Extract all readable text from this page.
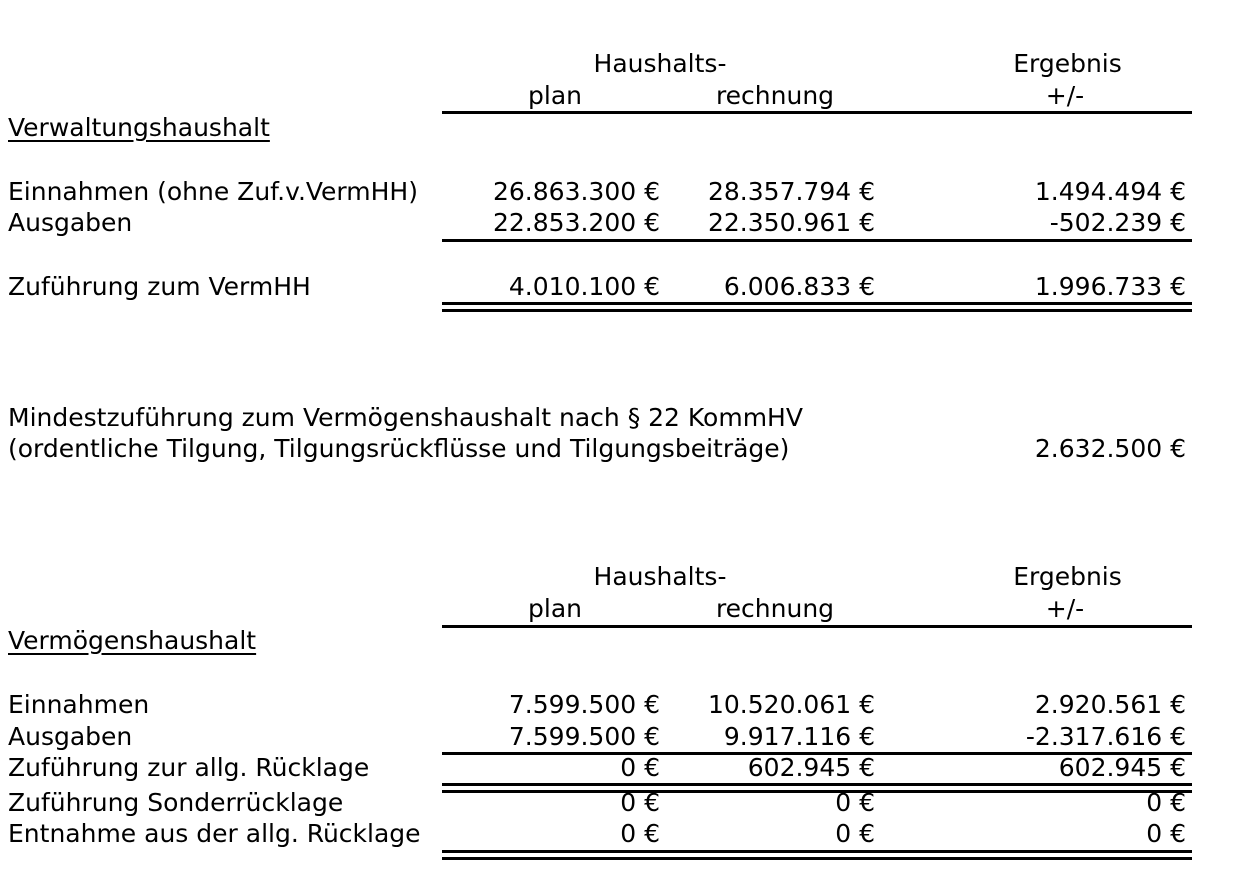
Haushalts-
plan	rechnung
Ergebnis
+/-
Verwaltungshaushalt
Einnahmen (ohne Zuf.v.VermHH)	26.863.300 €	28.357.794 €	1.494.494 €
Ausgaben	22.853.200 €	22.350.961 €	-502.239 €
Zuführung zum VermHH	4.010.100 €	6.006.833 €	1.996.733 €
Mindestzuführung zum Vermögenshaushalt nach § 22 KommHV
(ordentliche Tilgung, Tilgungsrückflüsse und Tilgungsbeiträge)	2.632.500 €
Haushalts-
plan	rechnung
Ergebnis
+/-
Vermögenshaushalt
Einnahmen	7.599.500 €	10.520.061 €	2.920.561 €
Ausgaben	7.599.500 €	9.917.116 €	-2.317.616 €
Zuführung zur allg. Rücklage	0 €	602.945 €	602.945 €
Zuführung Sonderrücklage	0 €	0 €	0 €
Entnahme aus der allg. Rücklage	0 €	0 €	0 €
